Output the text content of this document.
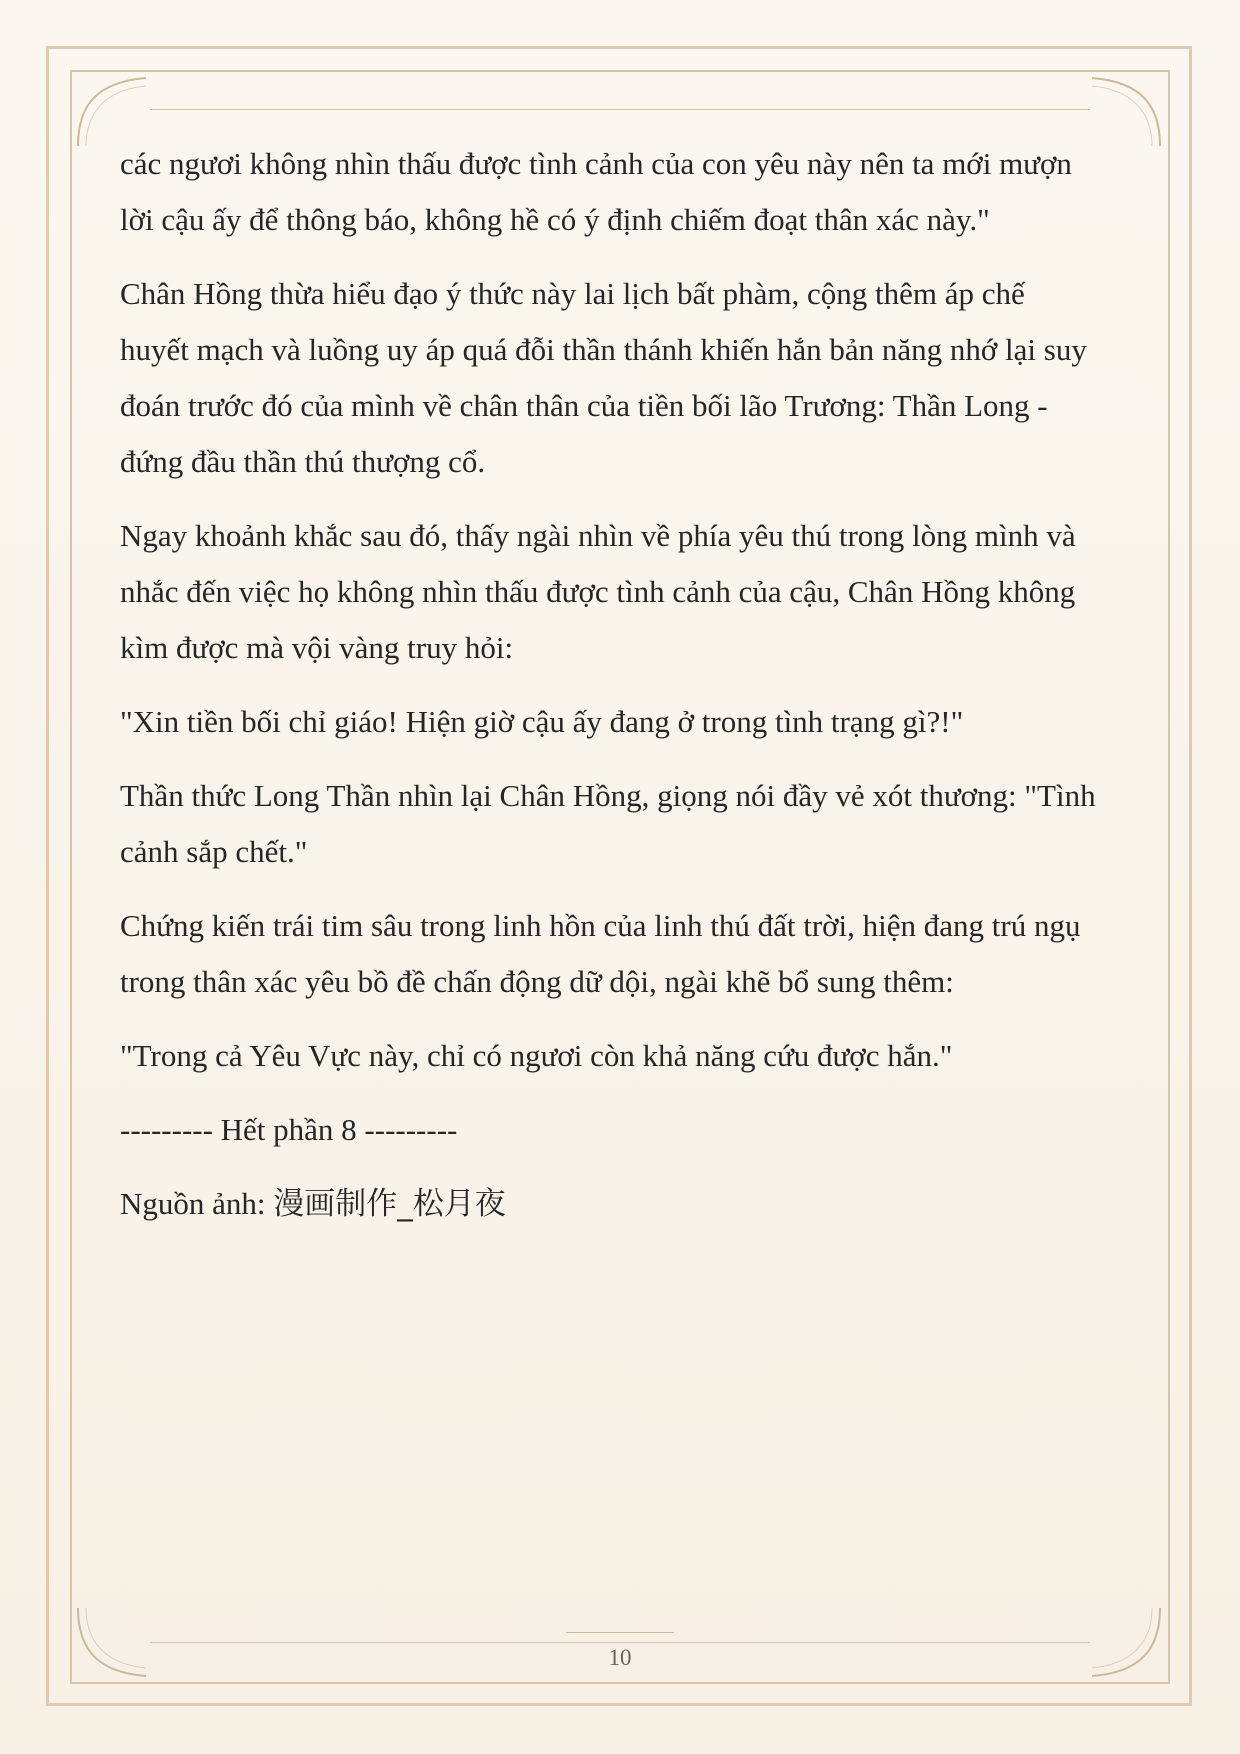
các ngươi không nhìn thấu được tình cảnh của con yêu này nên ta mới mượn lời cậu ấy để thông báo, không hề có ý định chiếm đoạt thân xác này."

Chân Hồng thừa hiểu đạo ý thức này lai lịch bất phàm, cộng thêm áp chế huyết mạch và luồng uy áp quá đỗi thần thánh khiến hắn bản năng nhớ lại suy đoán trước đó của mình về chân thân của tiền bối lão Trương: Thần Long - đứng đầu thần thú thượng cổ.

Ngay khoảnh khắc sau đó, thấy ngài nhìn về phía yêu thú trong lòng mình và nhắc đến việc họ không nhìn thấu được tình cảnh của cậu, Chân Hồng không kìm được mà vội vàng truy hỏi:

"Xin tiền bối chỉ giáo! Hiện giờ cậu ấy đang ở trong tình trạng gì?!"

Thần thức Long Thần nhìn lại Chân Hồng, giọng nói đầy vẻ xót thương: "Tình cảnh sắp chết."

Chứng kiến trái tim sâu trong linh hồn của linh thú đất trời, hiện đang trú ngụ trong thân xác yêu bồ đề chấn động dữ dội, ngài khẽ bổ sung thêm:

"Trong cả Yêu Vực này, chỉ có ngươi còn khả năng cứu được hắn."

--------- Hết phần 8 ---------

Nguồn ảnh: 漫画制作_松月夜

10
